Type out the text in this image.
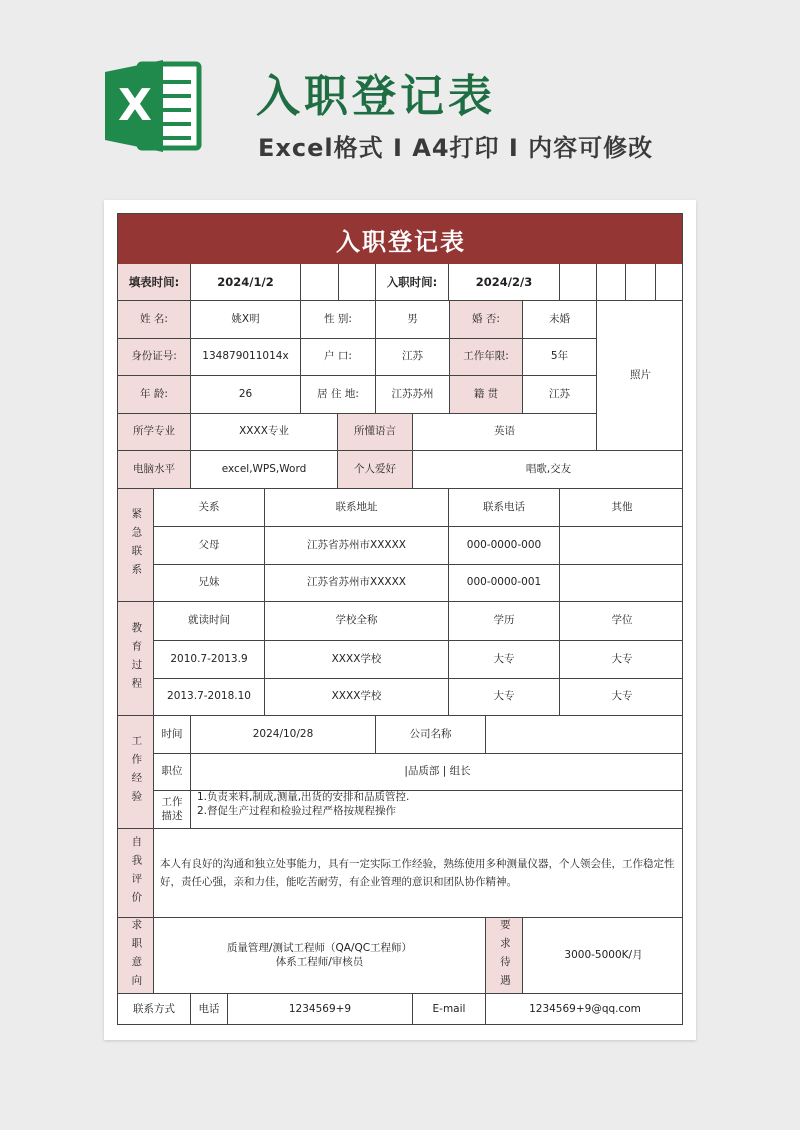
X 入职登记表
Excel格式 I A4打印 I 内容可修改
入职登记表
填表时间:	2024/1/2	入职时间:	2024/2/3
姓 名:	姚X明	性 别:	男	婚 否:	未婚
照片
身份证号:	134879011014x	户 口:	江苏	工作年限:	5年
年 龄:	26	居 住 地:	江苏苏州	籍 贯	江苏
所学专业	XXXX专业	所懂语言	英语
电脑水平	excel,WPS,Word	个人爱好	唱歌,交友
紧急联系
关系	联系地址	联系电话	其他
父母	江苏省苏州市XXXXX	000-0000-000
兄妹	江苏省苏州市XXXXX	000-0000-001
教育过程
就读时间	学校全称	学历	学位
2010.7-2013.9	XXXX学校	大专	大专
2013.7-2018.10	XXXX学校	大专	大专
工作经验
时间	2024/10/28	公司名称
职位	|品质部 | 组长
工作描述
1.负责来料,制成,测量,出货的安排和品质管控.
2.督促生产过程和检验过程严格按规程操作
自我评价	本人有良好的沟通和独立处事能力，具有一定实际工作经验，熟练使用多种测量仪器，个人领会佳，工作稳定性好，责任心强，亲和力佳，能吃苦耐劳，有企业管理的意识和团队协作精神。
求职意向	质量管理/测试工程师（QA/QC工程师）
体系工程师/审核员	要求待遇	3000-5000K/月
联系方式	电话	1234569+9	E-mail	1234569+9@qq.com
